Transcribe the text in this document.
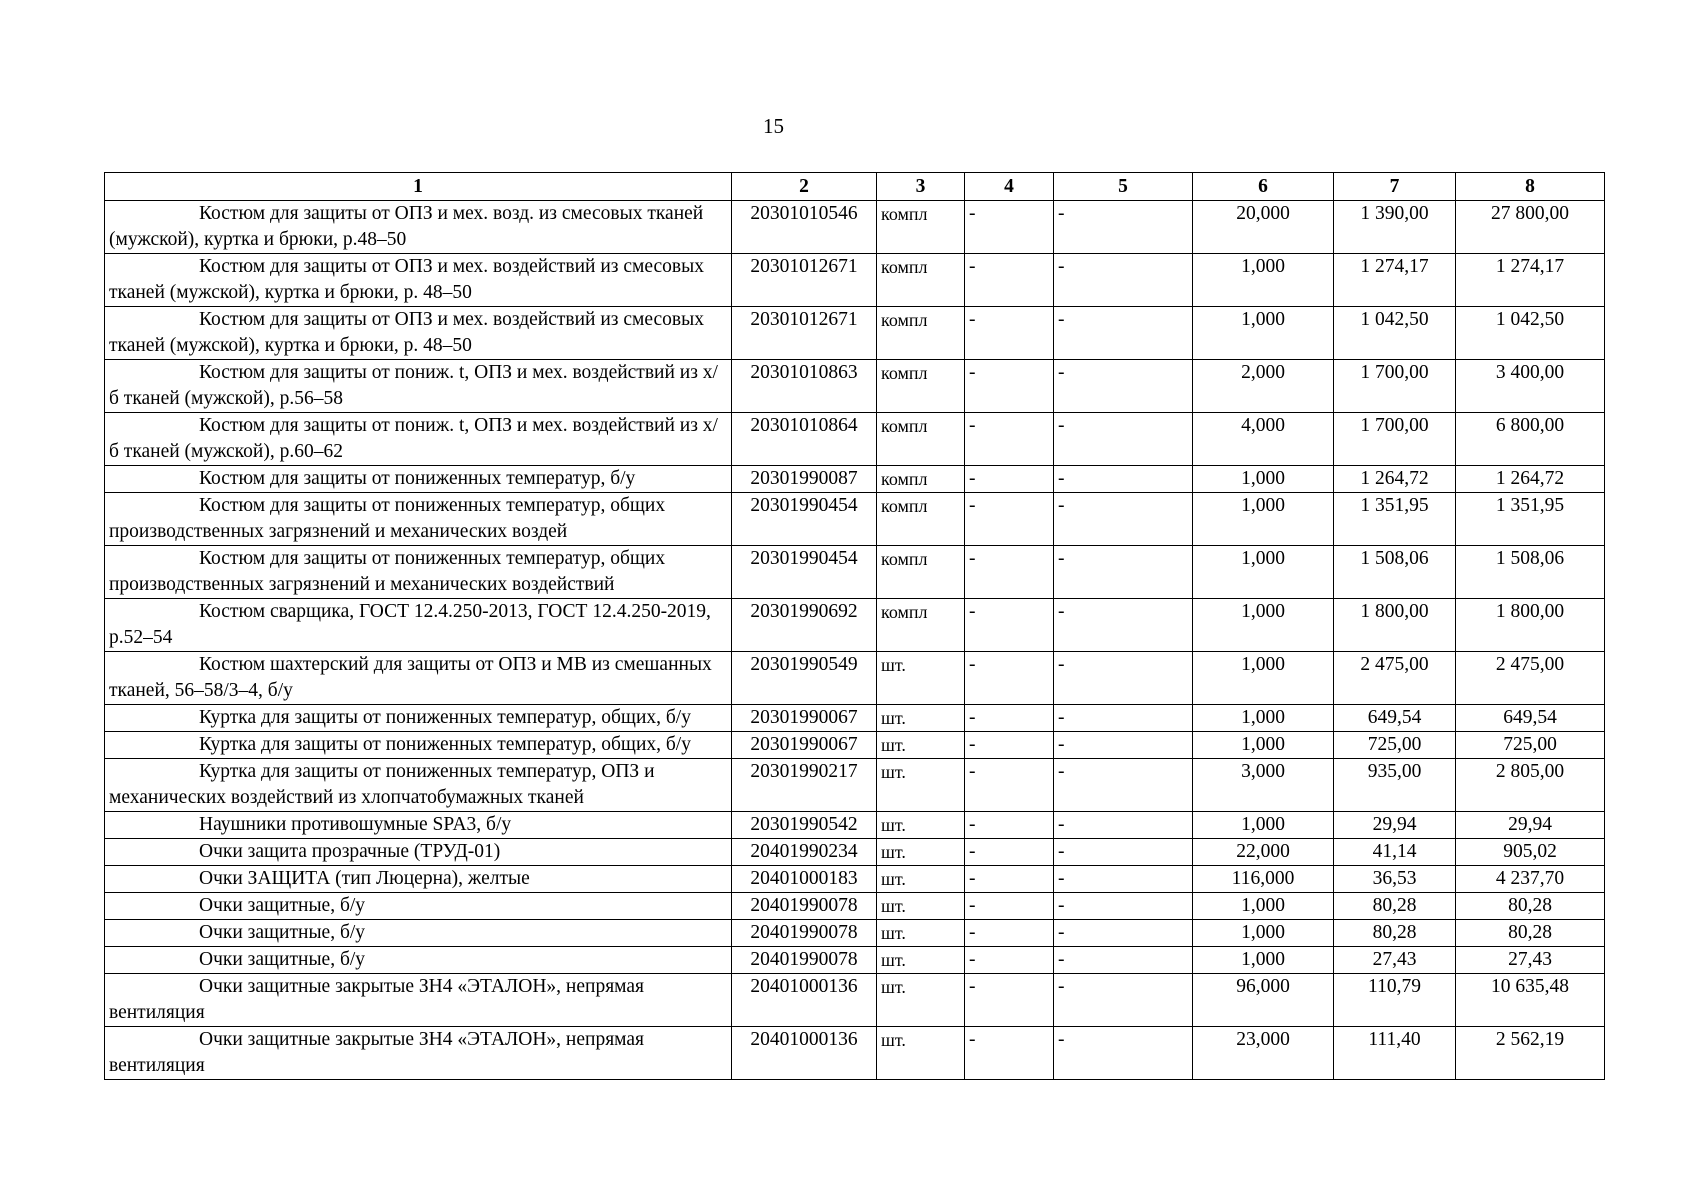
15
1	2	3	4	5	6	7	8
Костюм для защиты от ОПЗ и мех. возд. из смесовых тканей (мужской), куртка и брюки, р.48–50	20301010546	компл	-	-	20,000	1 390,00	27 800,00
Костюм для защиты от ОПЗ и мех. воздействий из смесовых тканей (мужской), куртка и брюки, р. 48–50	20301012671	компл	-	-	1,000	1 274,17	1 274,17
Костюм для защиты от ОПЗ и мех. воздействий из смесовых тканей (мужской), куртка и брюки, р. 48–50	20301012671	компл	-	-	1,000	1 042,50	1 042,50
Костюм для защиты от пониж. t, ОПЗ и мех. воздействий из х/б тканей (мужской), р.56–58	20301010863	компл	-	-	2,000	1 700,00	3 400,00
Костюм для защиты от пониж. t, ОПЗ и мех. воздействий из х/б тканей (мужской), р.60–62	20301010864	компл	-	-	4,000	1 700,00	6 800,00
Костюм для защиты от пониженных температур, б/у	20301990087	компл	-	-	1,000	1 264,72	1 264,72
Костюм для защиты от пониженных температур, общих производственных загрязнений и механических воздей	20301990454	компл	-	-	1,000	1 351,95	1 351,95
Костюм для защиты от пониженных температур, общих производственных загрязнений и механических воздействий	20301990454	компл	-	-	1,000	1 508,06	1 508,06
Костюм сварщика, ГОСТ 12.4.250-2013, ГОСТ 12.4.250-2019, р.52–54	20301990692	компл	-	-	1,000	1 800,00	1 800,00
Костюм шахтерский для защиты от ОПЗ и МВ из смешанных тканей, 56–58/3–4, б/у	20301990549	шт.	-	-	1,000	2 475,00	2 475,00
Куртка для защиты от пониженных температур, общих, б/у	20301990067	шт.	-	-	1,000	649,54	649,54
Куртка для защиты от пониженных температур, общих, б/у	20301990067	шт.	-	-	1,000	725,00	725,00
Куртка для защиты от пониженных температур, ОПЗ и механических воздействий из хлопчатобумажных тканей	20301990217	шт.	-	-	3,000	935,00	2 805,00
Наушники противошумные SPA3, б/у	20301990542	шт.	-	-	1,000	29,94	29,94
Очки защита прозрачные (ТРУД-01)	20401990234	шт.	-	-	22,000	41,14	905,02
Очки ЗАЩИТА (тип Люцерна), желтые	20401000183	шт.	-	-	116,000	36,53	4 237,70
Очки защитные, б/у	20401990078	шт.	-	-	1,000	80,28	80,28
Очки защитные, б/у	20401990078	шт.	-	-	1,000	80,28	80,28
Очки защитные, б/у	20401990078	шт.	-	-	1,000	27,43	27,43
Очки защитные закрытые ЗН4 «ЭТАЛОН», непрямая вентиляция	20401000136	шт.	-	-	96,000	110,79	10 635,48
Очки защитные закрытые ЗН4 «ЭТАЛОН», непрямая вентиляция	20401000136	шт.	-	-	23,000	111,40	2 562,19
